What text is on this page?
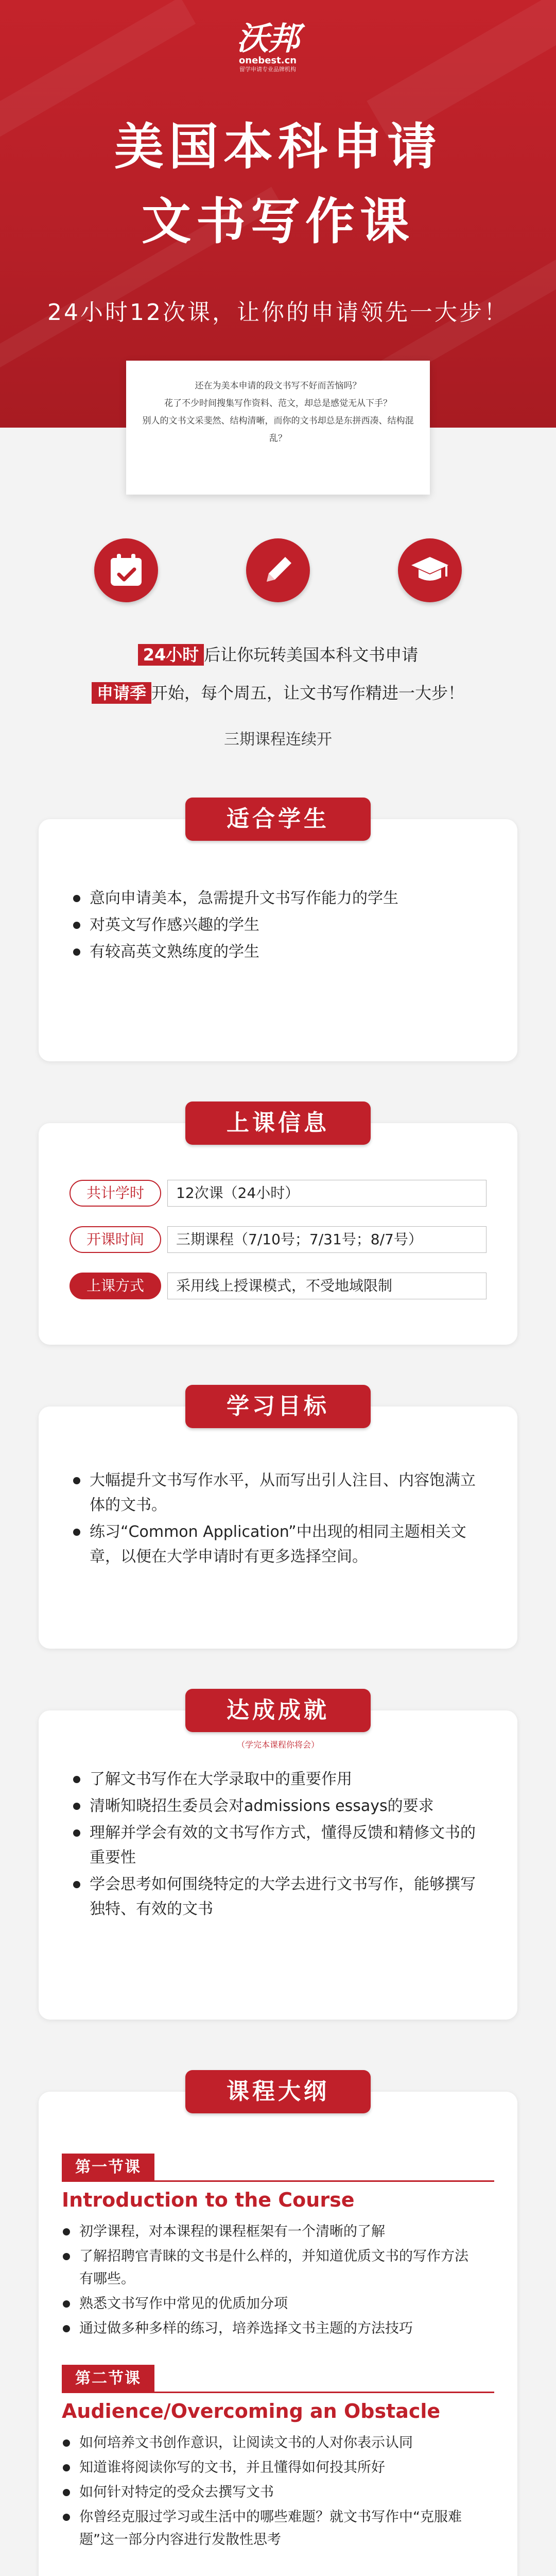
沃邦
onebest.cn
留学申请专业品牌机构
美国本科申请
文书写作课
24小时12次课，让你的申请领先一大步！
还在为美本申请的段文书写不好而苦恼吗？
花了不少时间搜集写作资料、范文，却总是感觉无从下手？
别人的文书文采斐然、结构清晰，而你的文书却总是东拼西凑、结构混乱？
24小时 后让你玩转美国本科文书申请
申请季 开始，每个周五，让文书写作精进一大步！
三期课程连续开
适合学生
意向申请美本，急需提升文书写作能力的学生
对英文写作感兴趣的学生
有较高英文熟练度的学生
上课信息
共计学时	12次课（24小时）
开课时间	三期课程（7/10号；7/31号；8/7号）
上课方式	采用线上授课模式，不受地域限制
学习目标
大幅提升文书写作水平，从而写出引人注目、内容饱满立体的文书。
练习“Common Application”中出现的相同主题相关文章，以便在大学申请时有更多选择空间。
达成成就
（学完本课程你将会）
了解文书写作在大学录取中的重要作用
清晰知晓招生委员会对admissions essays的要求
理解并学会有效的文书写作方式，懂得反馈和精修文书的重要性
学会思考如何围绕特定的大学去进行文书写作，能够撰写独特、有效的文书
课程大纲
第一节课
Introduction to the Course
初学课程，对本课程的课程框架有一个清晰的了解
了解招聘官青睐的文书是什么样的，并知道优质文书的写作方法有哪些。
熟悉文书写作中常见的优质加分项
通过做多种多样的练习，培养选择文书主题的方法技巧
第二节课
Audience/Overcoming an Obstacle
如何培养文书创作意识，让阅读文书的人对你表示认同
知道谁将阅读你写的文书，并且懂得如何投其所好
如何针对特定的受众去撰写文书
你曾经克服过学习或生活中的哪些难题？就文书写作中“克服难题”这一部分内容进行发散性思考
